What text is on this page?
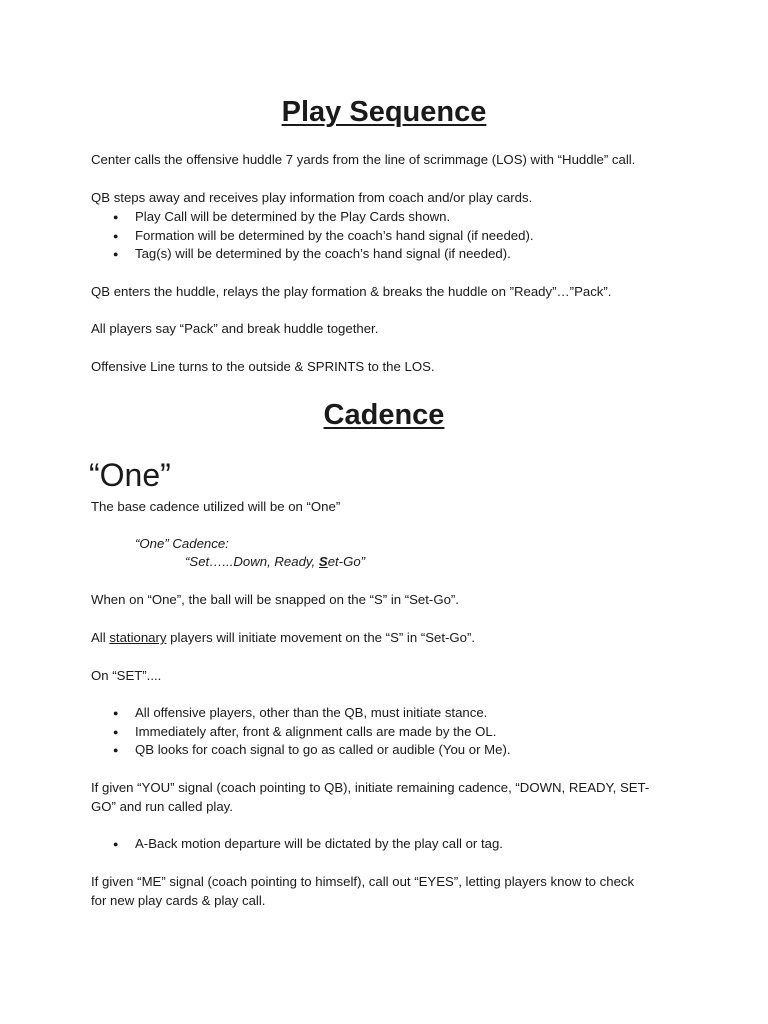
Play Sequence

Center calls the offensive huddle 7 yards from the line of scrimmage (LOS) with “Huddle” call.

QB steps away and receives play information from coach and/or play cards.

● Play Call will be determined by the Play Cards shown.

● Formation will be determined by the coach’s hand signal (if needed).

● Tag(s) will be determined by the coach’s hand signal (if needed).

QB enters the huddle, relays the play formation & breaks the huddle on ”Ready”…”Pack”.

All players say “Pack” and break huddle together.

Offensive Line turns to the outside & SPRINTS to the LOS.

Cadence

“One”

The base cadence utilized will be on “One”

“One” Cadence:

“Set…...Down, Ready, Set-Go”

When on “One”, the ball will be snapped on the “S” in “Set-Go”.

All stationary players will initiate movement on the “S” in “Set-Go”.

On “SET”....

● All offensive players, other than the QB, must initiate stance.

● Immediately after, front & alignment calls are made by the OL.

● QB looks for coach signal to go as called or audible (You or Me).

If given “YOU” signal (coach pointing to QB), initiate remaining cadence, “DOWN, READY, SET-

GO” and run called play.

● A-Back motion departure will be dictated by the play call or tag.

If given “ME” signal (coach pointing to himself), call out “EYES”, letting players know to check

for new play cards & play call.
